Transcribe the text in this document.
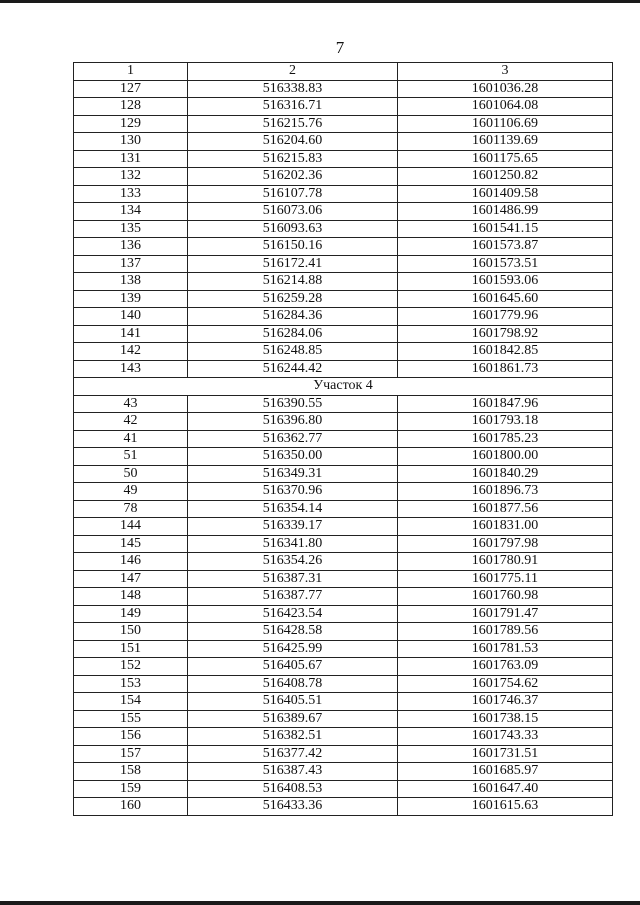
7
1	2	3
127	516338.83	1601036.28
128	516316.71	1601064.08
129	516215.76	1601106.69
130	516204.60	1601139.69
131	516215.83	1601175.65
132	516202.36	1601250.82
133	516107.78	1601409.58
134	516073.06	1601486.99
135	516093.63	1601541.15
136	516150.16	1601573.87
137	516172.41	1601573.51
138	516214.88	1601593.06
139	516259.28	1601645.60
140	516284.36	1601779.96
141	516284.06	1601798.92
142	516248.85	1601842.85
143	516244.42	1601861.73
Участок 4		
43	516390.55	1601847.96
42	516396.80	1601793.18
41	516362.77	1601785.23
51	516350.00	1601800.00
50	516349.31	1601840.29
49	516370.96	1601896.73
78	516354.14	1601877.56
144	516339.17	1601831.00
145	516341.80	1601797.98
146	516354.26	1601780.91
147	516387.31	1601775.11
148	516387.77	1601760.98
149	516423.54	1601791.47
150	516428.58	1601789.56
151	516425.99	1601781.53
152	516405.67	1601763.09
153	516408.78	1601754.62
154	516405.51	1601746.37
155	516389.67	1601738.15
156	516382.51	1601743.33
157	516377.42	1601731.51
158	516387.43	1601685.97
159	516408.53	1601647.40
160	516433.36	1601615.63
